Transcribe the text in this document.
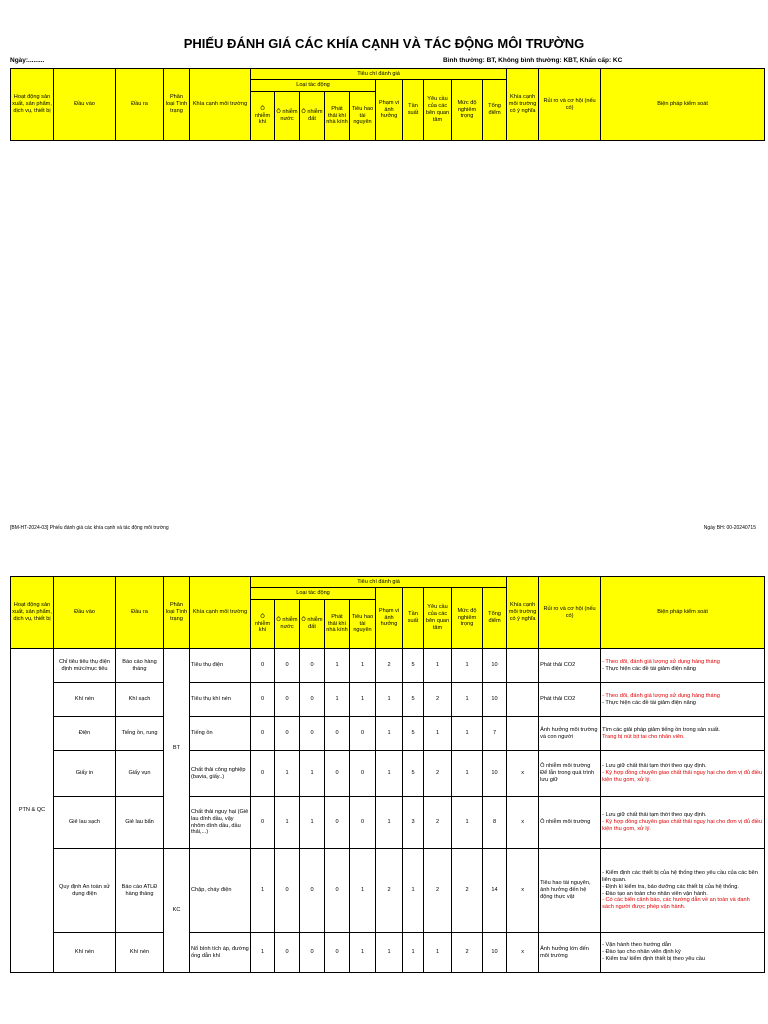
PHIẾU ĐÁNH GIÁ CÁC KHÍA CẠNH VÀ TÁC ĐỘNG MÔI TRƯỜNG
Ngày:.........	Bình thường: BT, Không bình thường: KBT, Khẩn cấp: KC
Hoạt động sản xuất, sản phẩm, dịch vụ, thiết bị	Đầu vào	Đầu ra	Phân loại Tình trạng	Khía cạnh môi trường	Tiêu chí đánh giá										Khía cạnh môi trường có ý nghĩa	Rủi ro và cơ hội (nếu có)	Biện pháp kiểm soát
					Loại tác động					Phạm vi ảnh hưởng	Tần suất	Yêu cầu của các bên quan tâm	Mức độ nghiêm trọng	Tổng điểm			
					Ô nhiễm khí	Ô nhiễm nước	Ô nhiễm đất	Phát thải khí nhà kính	Tiêu hao tài nguyên								
[BM-HT-2024-03] Phiếu đánh giá các khía cạnh và tác động môi trường	Ngày BH: 00-20240715
Hoạt động sản xuất, sản phẩm, dịch vụ, thiết bị	Đầu vào	Đầu ra	Phân loại Tình trạng	Khía cạnh môi trường	Tiêu chí đánh giá										Khía cạnh môi trường có ý nghĩa	Rủi ro và cơ hội (nếu có)	Biện pháp kiểm soát
					Loại tác động					Phạm vi ảnh hưởng	Tần suất	Yêu cầu của các bên quan tâm	Mức độ nghiêm trọng	Tổng điểm			
					Ô nhiễm khí	Ô nhiễm nước	Ô nhiễm đất	Phát thải khí nhà kính	Tiêu hao tài nguyên								
PTN & QC	Chỉ tiêu tiêu thụ điện định mức/mục tiêu	Báo cáo hàng tháng	BT	Tiêu thụ điện	0	0	0	1	1	2	5	1	1	10		Phát thải CO2	- Theo dõi, đánh giá lượng sử dụng hàng tháng

- Thực hiện các đề tài giảm điện năng

	Khí nén	Khí sạch		Tiêu thụ khí nén	0	0	0	1	1	1	5	2	1	10		Phát thải CO2	- Theo dõi, đánh giá lượng sử dụng hàng tháng

- Thực hiện các đề tài giảm điện năng

	Điện	Tiếng ồn, rung		Tiếng ồn	0	0	0	0	0	1	5	1	1	7		Ảnh hưởng môi trường và con người	Tìm các giải pháp giảm tiếng ồn trong sản xuất.

Trang bị nút bịt tai cho nhân viên.

	Giấy in	Giấy vụn		Chất thải công nghiệp (bavia, giấy..)	0	1	1	0	0	1	5	2	1	10	x	Ô nhiễm môi trường Để lẫn trong quá trình lưu giữ	- Lưu giữ chất thải tạm thời theo quy định.

- Ký hợp đồng chuyên giao chất thải nguy hại cho đơn vị đủ điều kiện thu gom, xử lý.

	Giẻ lau sạch	Giẻ lau bẩn		Chất thải nguy hại (Giẻ lau dính dầu, vậy nhôm dính dầu, dầu thải,...)	0	1	1	0	0	1	3	2	1	8	x	Ô nhiễm môi trường	- Lưu giữ chất thải tạm thời theo quy định.

- Ký hợp đồng chuyên giao chất thải nguy hại cho đơn vị đủ điều kiện thu gom, xử lý.

	Quy định An toàn sử dụng điện	Báo cáo ATLĐ hàng tháng	KC	Chập, cháy điện	1	0	0	0	1	2	1	2	2	14	x	Tiêu hao tài nguyên, ảnh hưởng đến hệ động thực vật	- Kiểm định các thiết bị của hệ thống theo yêu cầu của các bên liên quan.

- Định kì kiểm tra, bảo dưỡng các thiết bị của hệ thống.

- Đào tạo an toàn cho nhân viên vận hành.

- Có các biển cảnh báo, các hướng dẫn về an toàn và danh sách người được phép vận hành.

	Khí nén	Khí nén		Nổ bình tích áp, đường ống dẫn khí	1	0	0	0	1	1	1	1	2	10	x	Ảnh hưởng lớn đến môi trường	- Vận hành theo hướng dẫn

- Đào tạo cho nhân viên định kỳ

- Kiểm tra/ kiểm định thiết bị theo yêu cầu
